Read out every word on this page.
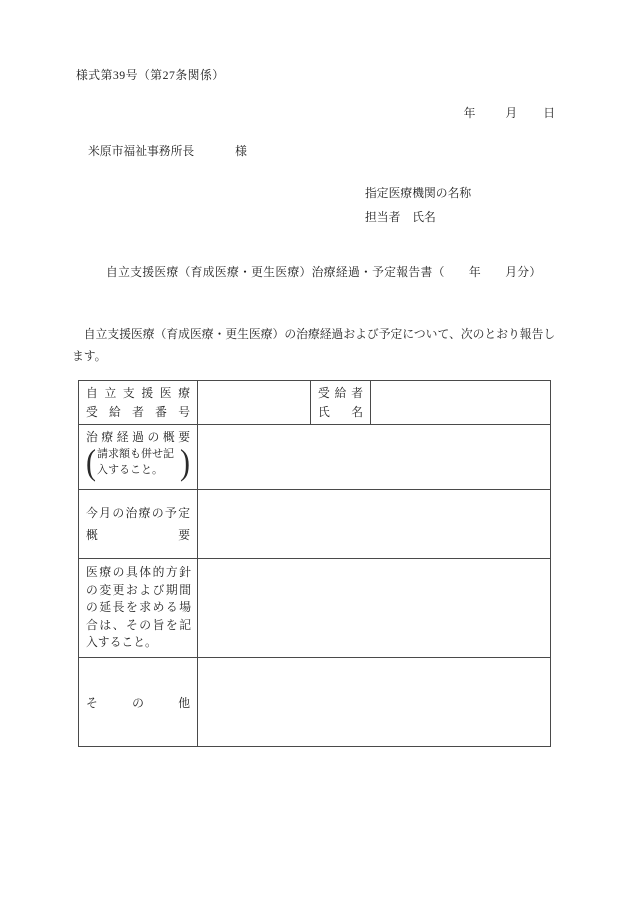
様式第39号（第27条関係）
年	月 日
米原市福祉事務所長	様
指定医療機関の名称
担当者　氏名
自立支援医療（育成医療・更生医療）治療経過・予定報告書（　　年　　月分）
　自立支援医療（育成医療・更生医療）の治療経過および予定について、次のとおり報告し
ます。
自立支援医療
受給者番号
受給者
氏名
治療経過の概要
( 請求額も併せ記
入すること。 )
今月の治療の予定
概要
医療の具体的方針の変更および期間の延長を求める場合は、その旨を記入すること。
その他
